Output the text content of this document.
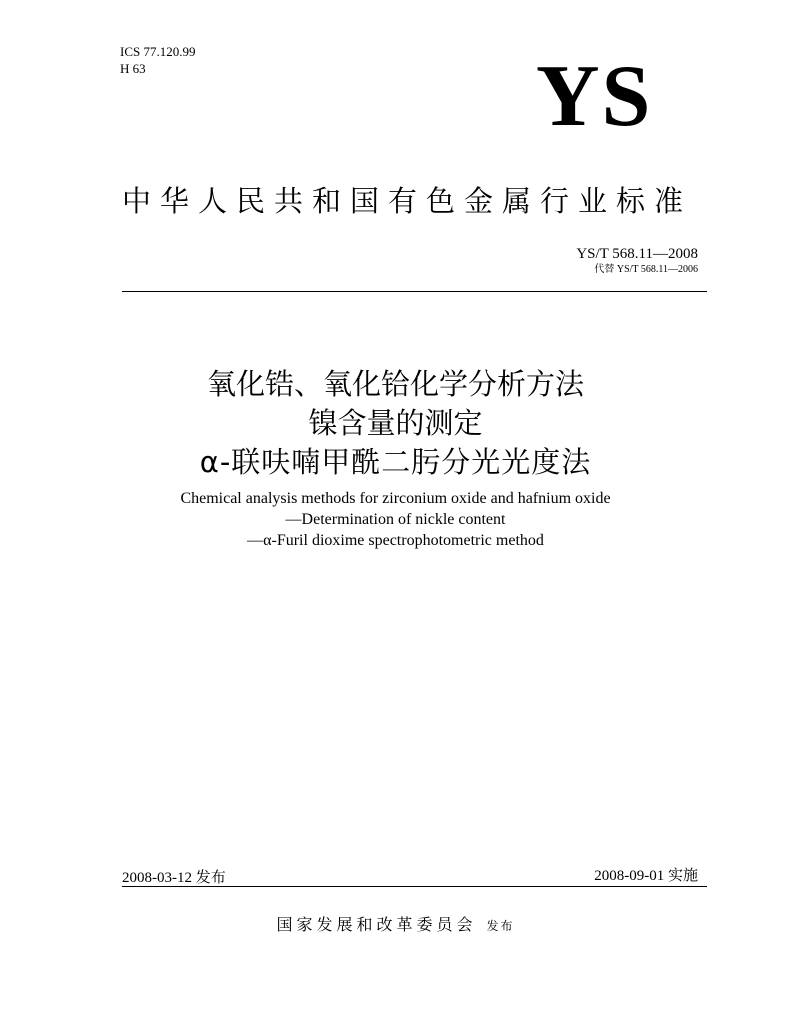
ICS 77.120.99
H 63	YS
中华人民共和国有色金属行业标准
YS/T 568.11—2008
代替 YS/T 568.11—2006
氧化锆、氧化铪化学分析方法
镍含量的测定
α-联呋喃甲酰二肟分光光度法
Chemical analysis methods for zirconium oxide and hafnium oxide
—Determination of nickle content
—α-Furil dioxime spectrophotometric method
2008-03-12 发布	2008-09-01 实施
国家发展和改革委员会 发布
